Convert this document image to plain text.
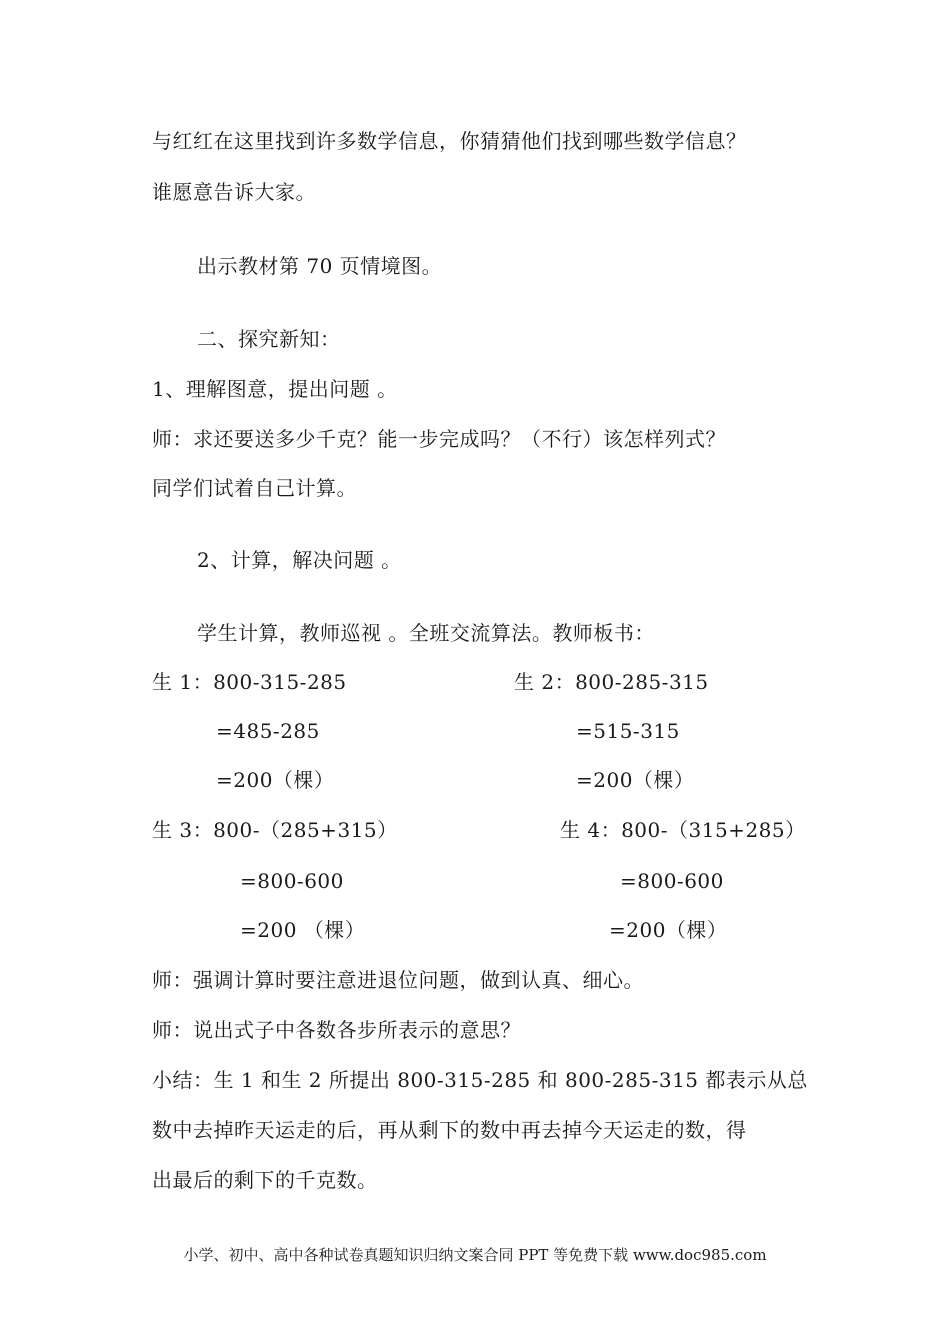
与红红在这里找到许多数学信息，你猜猜他们找到哪些数学信息？
谁愿意告诉大家。
出示教材第 70 页情境图。
二、探究新知：
1、理解图意，提出问题 。
师：求还要送多少千克？能一步完成吗？（不行）该怎样列式？
同学们试着自己计算。
2、计算，解决问题 。
学生计算，教师巡视 。全班交流算法。教师板书：
生 1：800-315-285
=485-285
=200（棵）
生 2：800-285-315
=515-315
=200（棵）
生 3：800-（285+315）
=800-600
=200 （棵）
生 4：800-（315+285）
=800-600
=200（棵）
师：强调计算时要注意进退位问题，做到认真、细心。
师：说出式子中各数各步所表示的意思？
小结：生 1 和生 2 所提出 800-315-285 和 800-285-315 都表示从总
数中去掉昨天运走的后，再从剩下的数中再去掉今天运走的数，得
出最后的剩下的千克数。
小学、初中、高中各种试卷真题知识归纳文案合同 PPT 等免费下载 www.doc985.com
